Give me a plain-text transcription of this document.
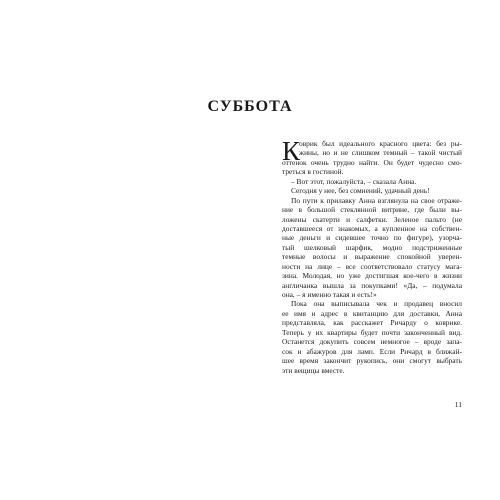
СУББОТА
К
оврик был идеального красного цвета: без ры-
жины, но и не слишком темный – такой чистый
оттенок очень трудно найти. Он будет чудесно смо-
треться в гостиной.
– Вот этот, пожалуйста, – сказала Анна.
Сегодня у нее, без сомнений, удачный день!
По пути к прилавку Анна взглянула на свое отраже-
ние в большой стеклянной витрине, где были вы-
ложены скатерти и салфетки. Зеленое пальто (не
доставшееся от знакомых, а купленное на собствен-
ные деньги и сидевшее точно по фигуре), узорча-
тый шелковый шарфик, модно подстриженные
темные волосы и выражение спокойной уверен-
ности на лице – все соответствовало статусу мага-
зина. Молодая, но уже достигшая кое-чего в жизни
англичанка вышла за покупками! «Да, – подумала
она, – я именно такая и есть!»
Пока она выписывала чек и продавец вносил
ее имя и адрес в квитанцию для доставки, Анна
представляла, как расскажет Ричарду о коврике.
Теперь у их квартиры будет почти законченный вид.
Останется докупить совсем немногое – вроде запа-
сок и абажуров для ламп. Если Ричард в ближай-
шее время закончит рукопись, они смогут выбрать
эти вещицы вместе.
11
